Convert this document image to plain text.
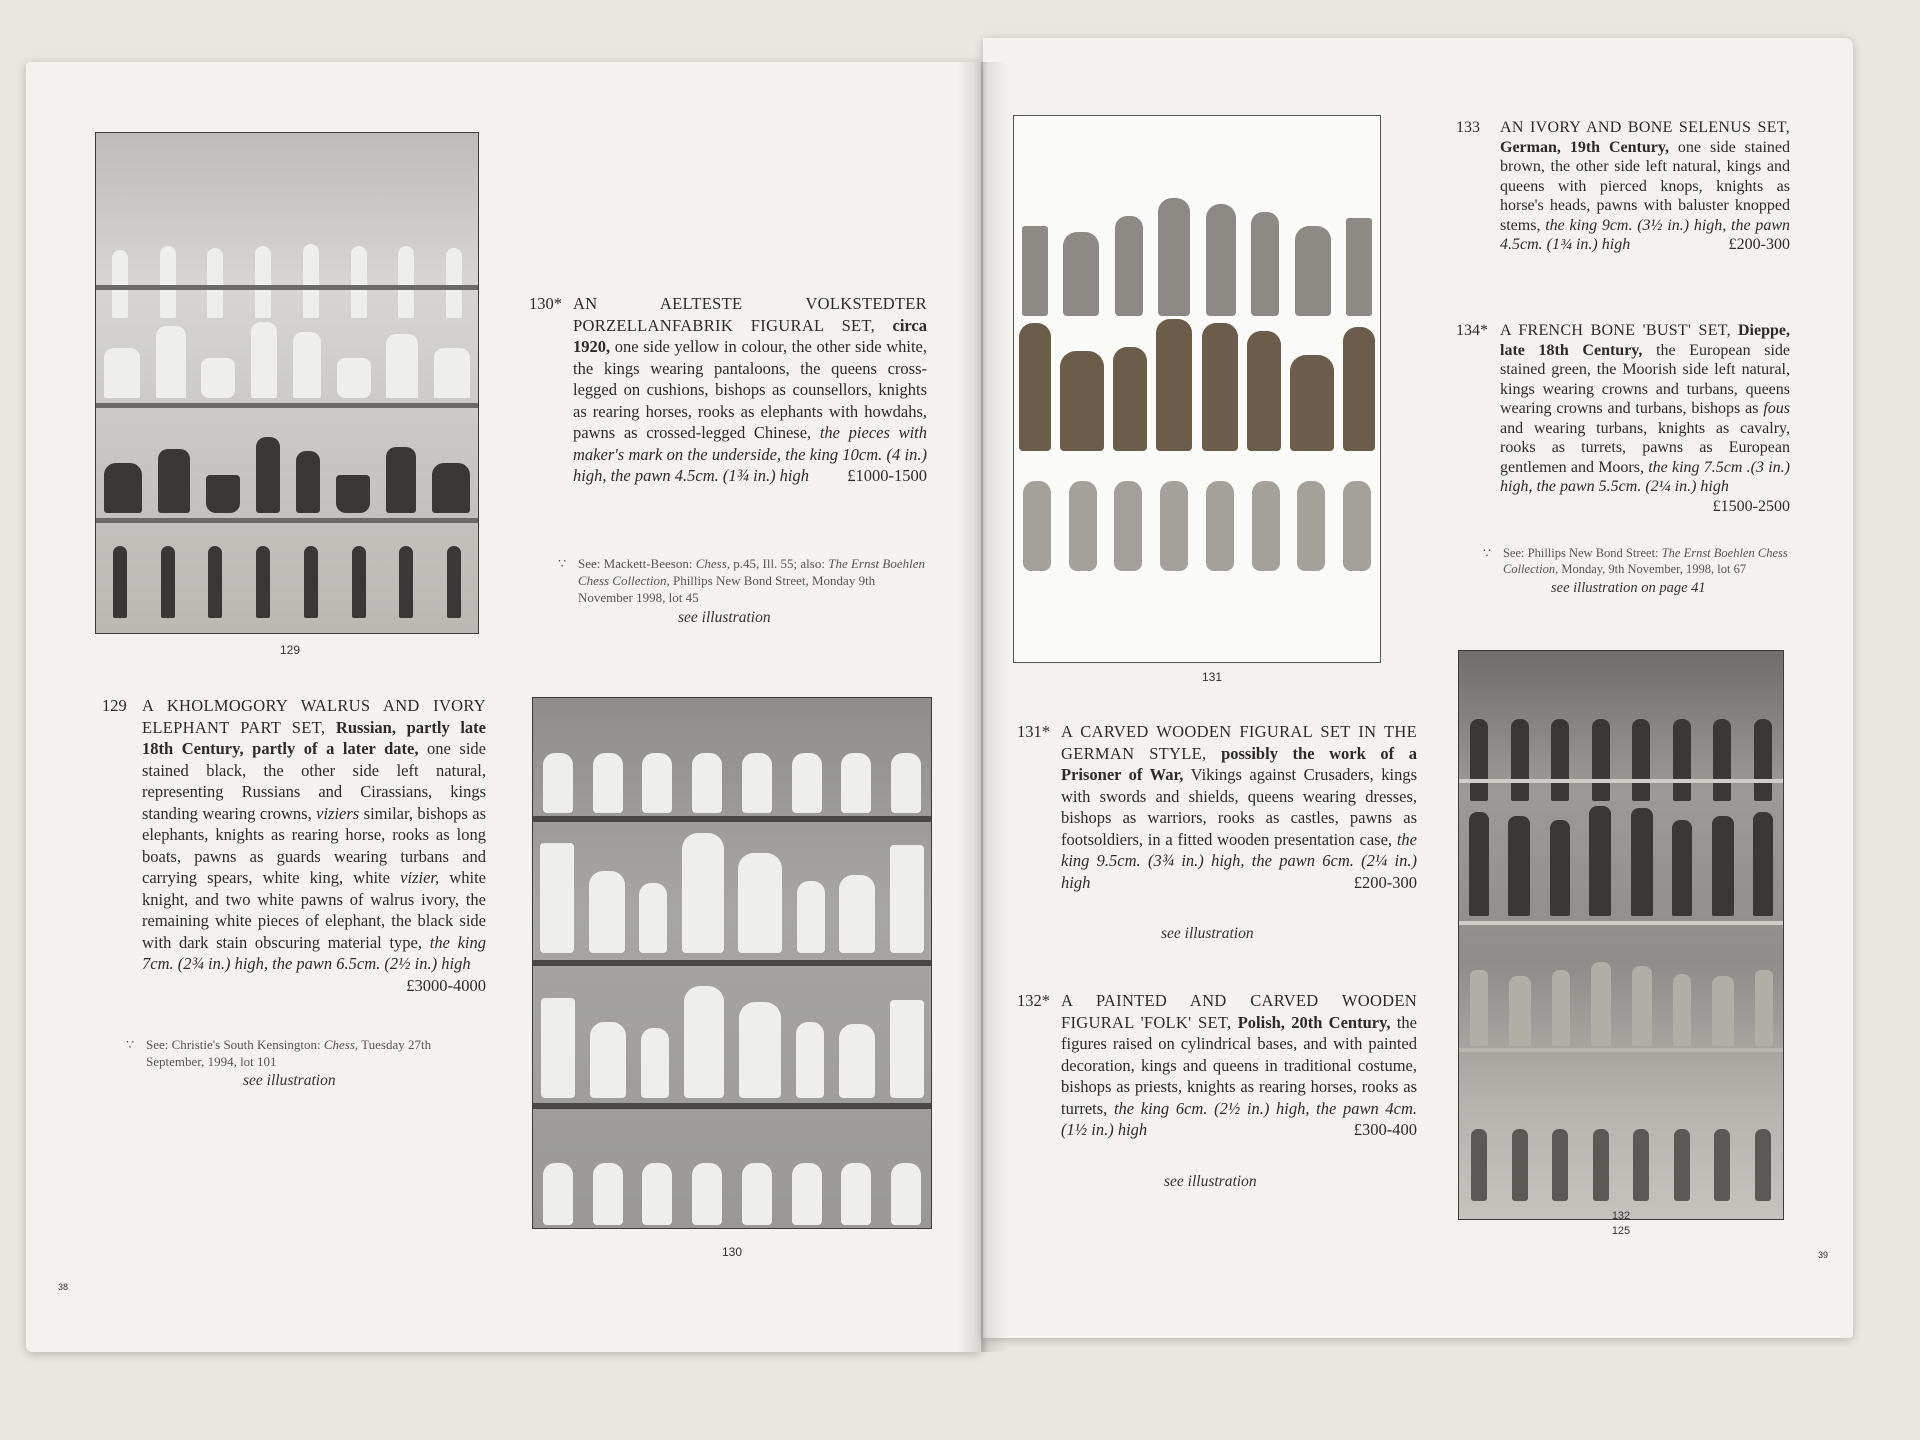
129
130* AN AELTESTE VOLKSTEDTER PORZELLANFABRIK FIGURAL SET, circa 1920, one side yellow in colour, the other side white, the kings wearing pantaloons, the queens cross-legged on cushions, bishops as counsellors, knights as rearing horses, rooks as elephants with howdahs, pawns as crossed-legged Chinese, the pieces with maker's mark on the underside, the king 10cm. (4 in.) high, the pawn 4.5cm. (1¾ in.) high £1000-1500
∵ See: Mackett-Beeson: Chess, p.45, Ill. 55; also: The Ernst Boehlen Chess Collection, Phillips New Bond Street, Monday 9th November 1998, lot 45
see illustration
129 A KHOLMOGORY WALRUS AND IVORY ELEPHANT PART SET, Russian, partly late 18th Century, partly of a later date, one side stained black, the other side left natural, representing Russians and Cirassians, kings standing wearing crowns, viziers similar, bishops as elephants, knights as rearing horse, rooks as long boats, pawns as guards wearing turbans and carrying spears, white king, white vizier, white knight, and two white pawns of walrus ivory, the remaining white pieces of elephant, the black side with dark stain obscuring material type, the king 7cm. (2¾ in.) high, the pawn 6.5cm. (2½ in.) high
£3000-4000
∵ See: Christie's South Kensington: Chess, Tuesday 27th September, 1994, lot 101
see illustration
130
38
131
133 AN IVORY AND BONE SELENUS SET, German, 19th Century, one side stained brown, the other side left natural, kings and queens with pierced knops, knights as horse's heads, pawns with baluster knopped stems, the king 9cm. (3½ in.) high, the pawn 4.5cm. (1¾ in.) high	£200-300
134* A FRENCH BONE 'BUST' SET, Dieppe, late 18th Century, the European side stained green, the Moorish side left natural, kings wearing crowns and turbans, queens wearing crowns and turbans, bishops as fous and wearing turbans, knights as cavalry, rooks as turrets, pawns as European gentlemen and Moors, the king 7.5cm .(3 in.) high, the pawn 5.5cm. (2¼ in.) high
£1500-2500
∵ See: Phillips New Bond Street: The Ernst Boehlen Chess Collection, Monday, 9th November, 1998, lot 67
see illustration on page 41
131* A CARVED WOODEN FIGURAL SET IN THE GERMAN STYLE, possibly the work of a Prisoner of War, Vikings against Crusaders, kings with swords and shields, queens wearing dresses, bishops as warriors, rooks as castles, pawns as footsoldiers, in a fitted wooden presentation case, the king 9.5cm. (3¾ in.) high, the pawn 6cm. (2¼ in.) high	£200-300
see illustration
132* A PAINTED AND CARVED WOODEN FIGURAL 'FOLK' SET, Polish, 20th Century, the figures raised on cylindrical bases, and with painted decoration, kings and queens in traditional costume, bishops as priests, knights as rearing horses, rooks as turrets, the king 6cm. (2½ in.) high, the pawn 4cm. (1½ in.) high	£300-400
see illustration
132
125
39
